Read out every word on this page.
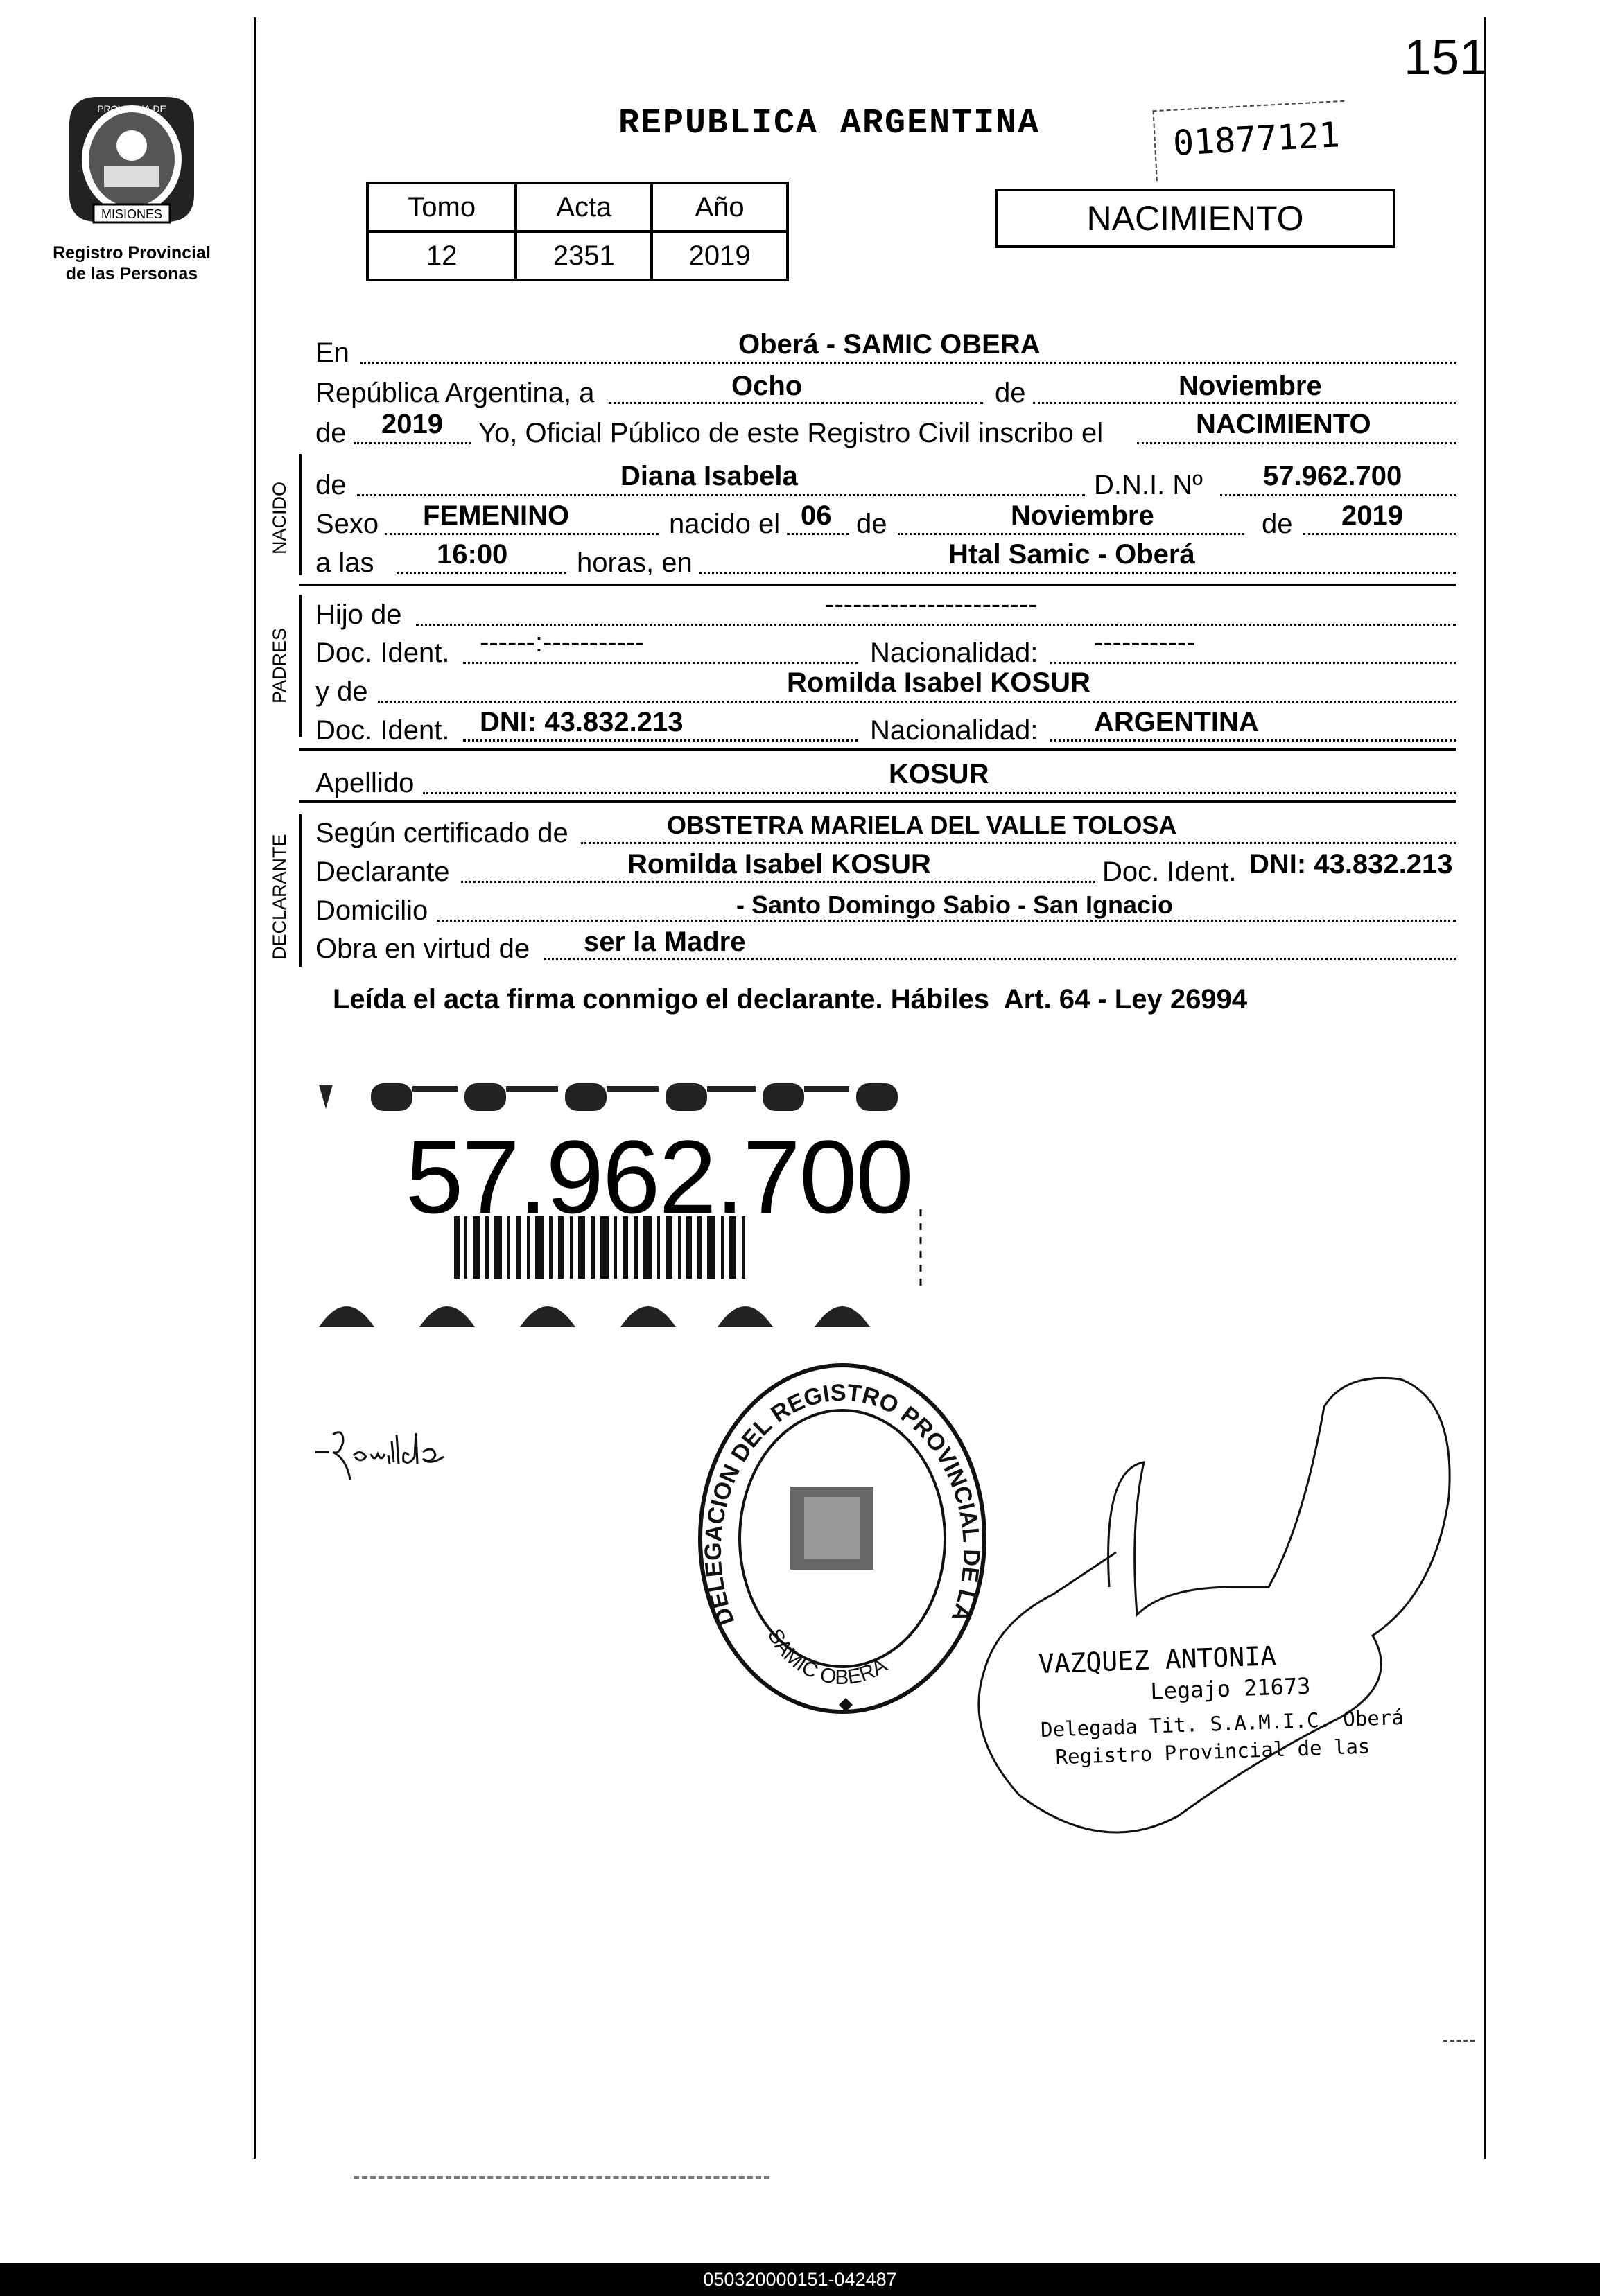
151
MISIONES
PROVINCIA DE
Registro Provincial
de las Personas
REPUBLICA ARGENTINA	01877121
Tomo	Acta	Año
12	2351	2019
NACIMIENTO
En	Oberá - SAMIC OBERA
República Argentina, a	Ocho	de	Noviembre
de 2019 Yo, Oficial Público de este Registro Civil inscribo el	NACIMIENTO
NACIDO de	Diana Isabela	D.N.I. Nº 57.962.700
Sexo FEMENINO	nacido el 06 de	Noviembre	de 2019
a las 16:00 horas, en	Htal Samic - Oberá
PADRES
Hijo de	-----------------------
Doc. Ident. ------:-----------	Nacionalidad: -----------
y de	Romilda Isabel KOSUR
Doc. Ident. DNI: 43.832.213	Nacionalidad: ARGENTINA
Apellido	KOSUR
DECLARANTE
Según certificado de	OBSTETRA MARIELA DEL VALLE TOLOSA
Declarante	Romilda Isabel KOSUR	Doc. Ident. DNI: 43.832.213
Domicilio	- Santo Domingo Sabio - San Ignacio
Obra en virtud de ser la Madre
Leída el acta firma conmigo el declarante. Hábiles  Art. 64 - Ley 26994
57.962.700
DELEGACION DEL REGISTRO PROVINCIAL DE LA
SAMIC OBERA	VAZQUEZ ANTONIA
Legajo 21673
Delegada Tit. S.A.M.I.C. Oberá
Registro Provincial de las
050320000151-042487
